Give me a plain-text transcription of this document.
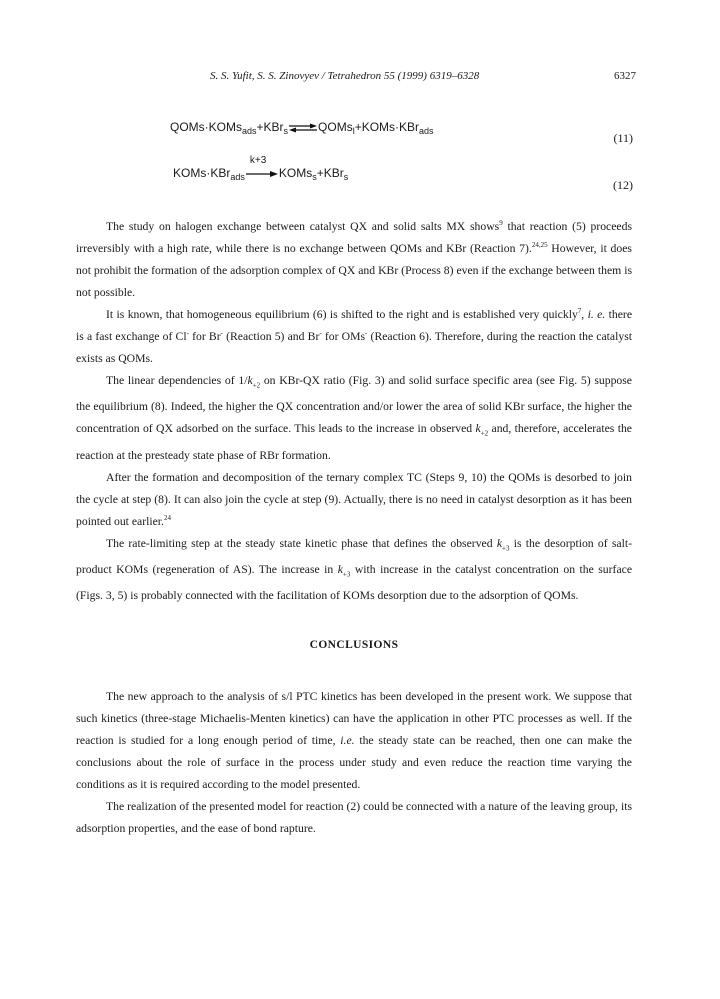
S. S. Yufit, S. S. Zinovyev / Tetrahedron 55 (1999) 6319–6328	6327
QOMs·KOMs$_{ads}$+KBr$_s$⇌QOMs$_l$+KOMs·KBr$_{ads}$	(11)
KOMs·KBr$_{ads}$
k+3
KOMs$_s$+KBr$_s$
(12)

The study on halogen exchange between catalyst QX and solid salts MX shows$^9$ that reaction (5) proceeds irreversibly with a high rate, while there is no exchange between QOMs and KBr (Reaction 7).$^{24,25}$ However, it does not prohibit the formation of the adsorption complex of QX and KBr (Process 8) even if the exchange between them is not possible.

It is known, that homogeneous equilibrium (6) is shifted to the right and is established very quickly$^7$, i. e. there is a fast exchange of Cl- for Br- (Reaction 5) and Br- for OMs- (Reaction 6). Therefore, during the reaction the catalyst exists as QOMs.

The linear dependencies of $1/k_{+2}$ on KBr-QX ratio (Fig. 3) and solid surface specific area (see Fig. 5) suppose the equilibrium (8). Indeed, the higher the QX concentration and/or lower the area of solid KBr surface, the higher the concentration of QX adsorbed on the surface. This leads to the increase in observed $k_{+2}$ and, therefore, accelerates the reaction at the presteady state phase of RBr formation.

After the formation and decomposition of the ternary complex TC (Steps 9, 10) the QOMs is desorbed to join the cycle at step (8). It can also join the cycle at step (9). Actually, there is no need in catalyst desorption as it has been pointed out earlier.$^{24}$

The rate-limiting step at the steady state kinetic phase that defines the observed $k_{+3}$ is the desorption of salt-product KOMs (regeneration of AS). The increase in $k_{+3}$ with increase in the catalyst concentration on the surface (Figs. 3, 5) is probably connected with the facilitation of KOMs desorption due to the adsorption of QOMs.

CONCLUSIONS

The new approach to the analysis of s/l PTC kinetics has been developed in the present work. We suppose that such kinetics (three-stage Michaelis-Menten kinetics) can have the application in other PTC processes as well. If the reaction is studied for a long enough period of time, i.e. the steady state can be reached, then one can make the conclusions about the role of surface in the process under study and even reduce the reaction time varying the conditions as it is required according to the model presented.

The realization of the presented model for reaction (2) could be connected with a nature of the leaving group, its adsorption properties, and the ease of bond rapture.
